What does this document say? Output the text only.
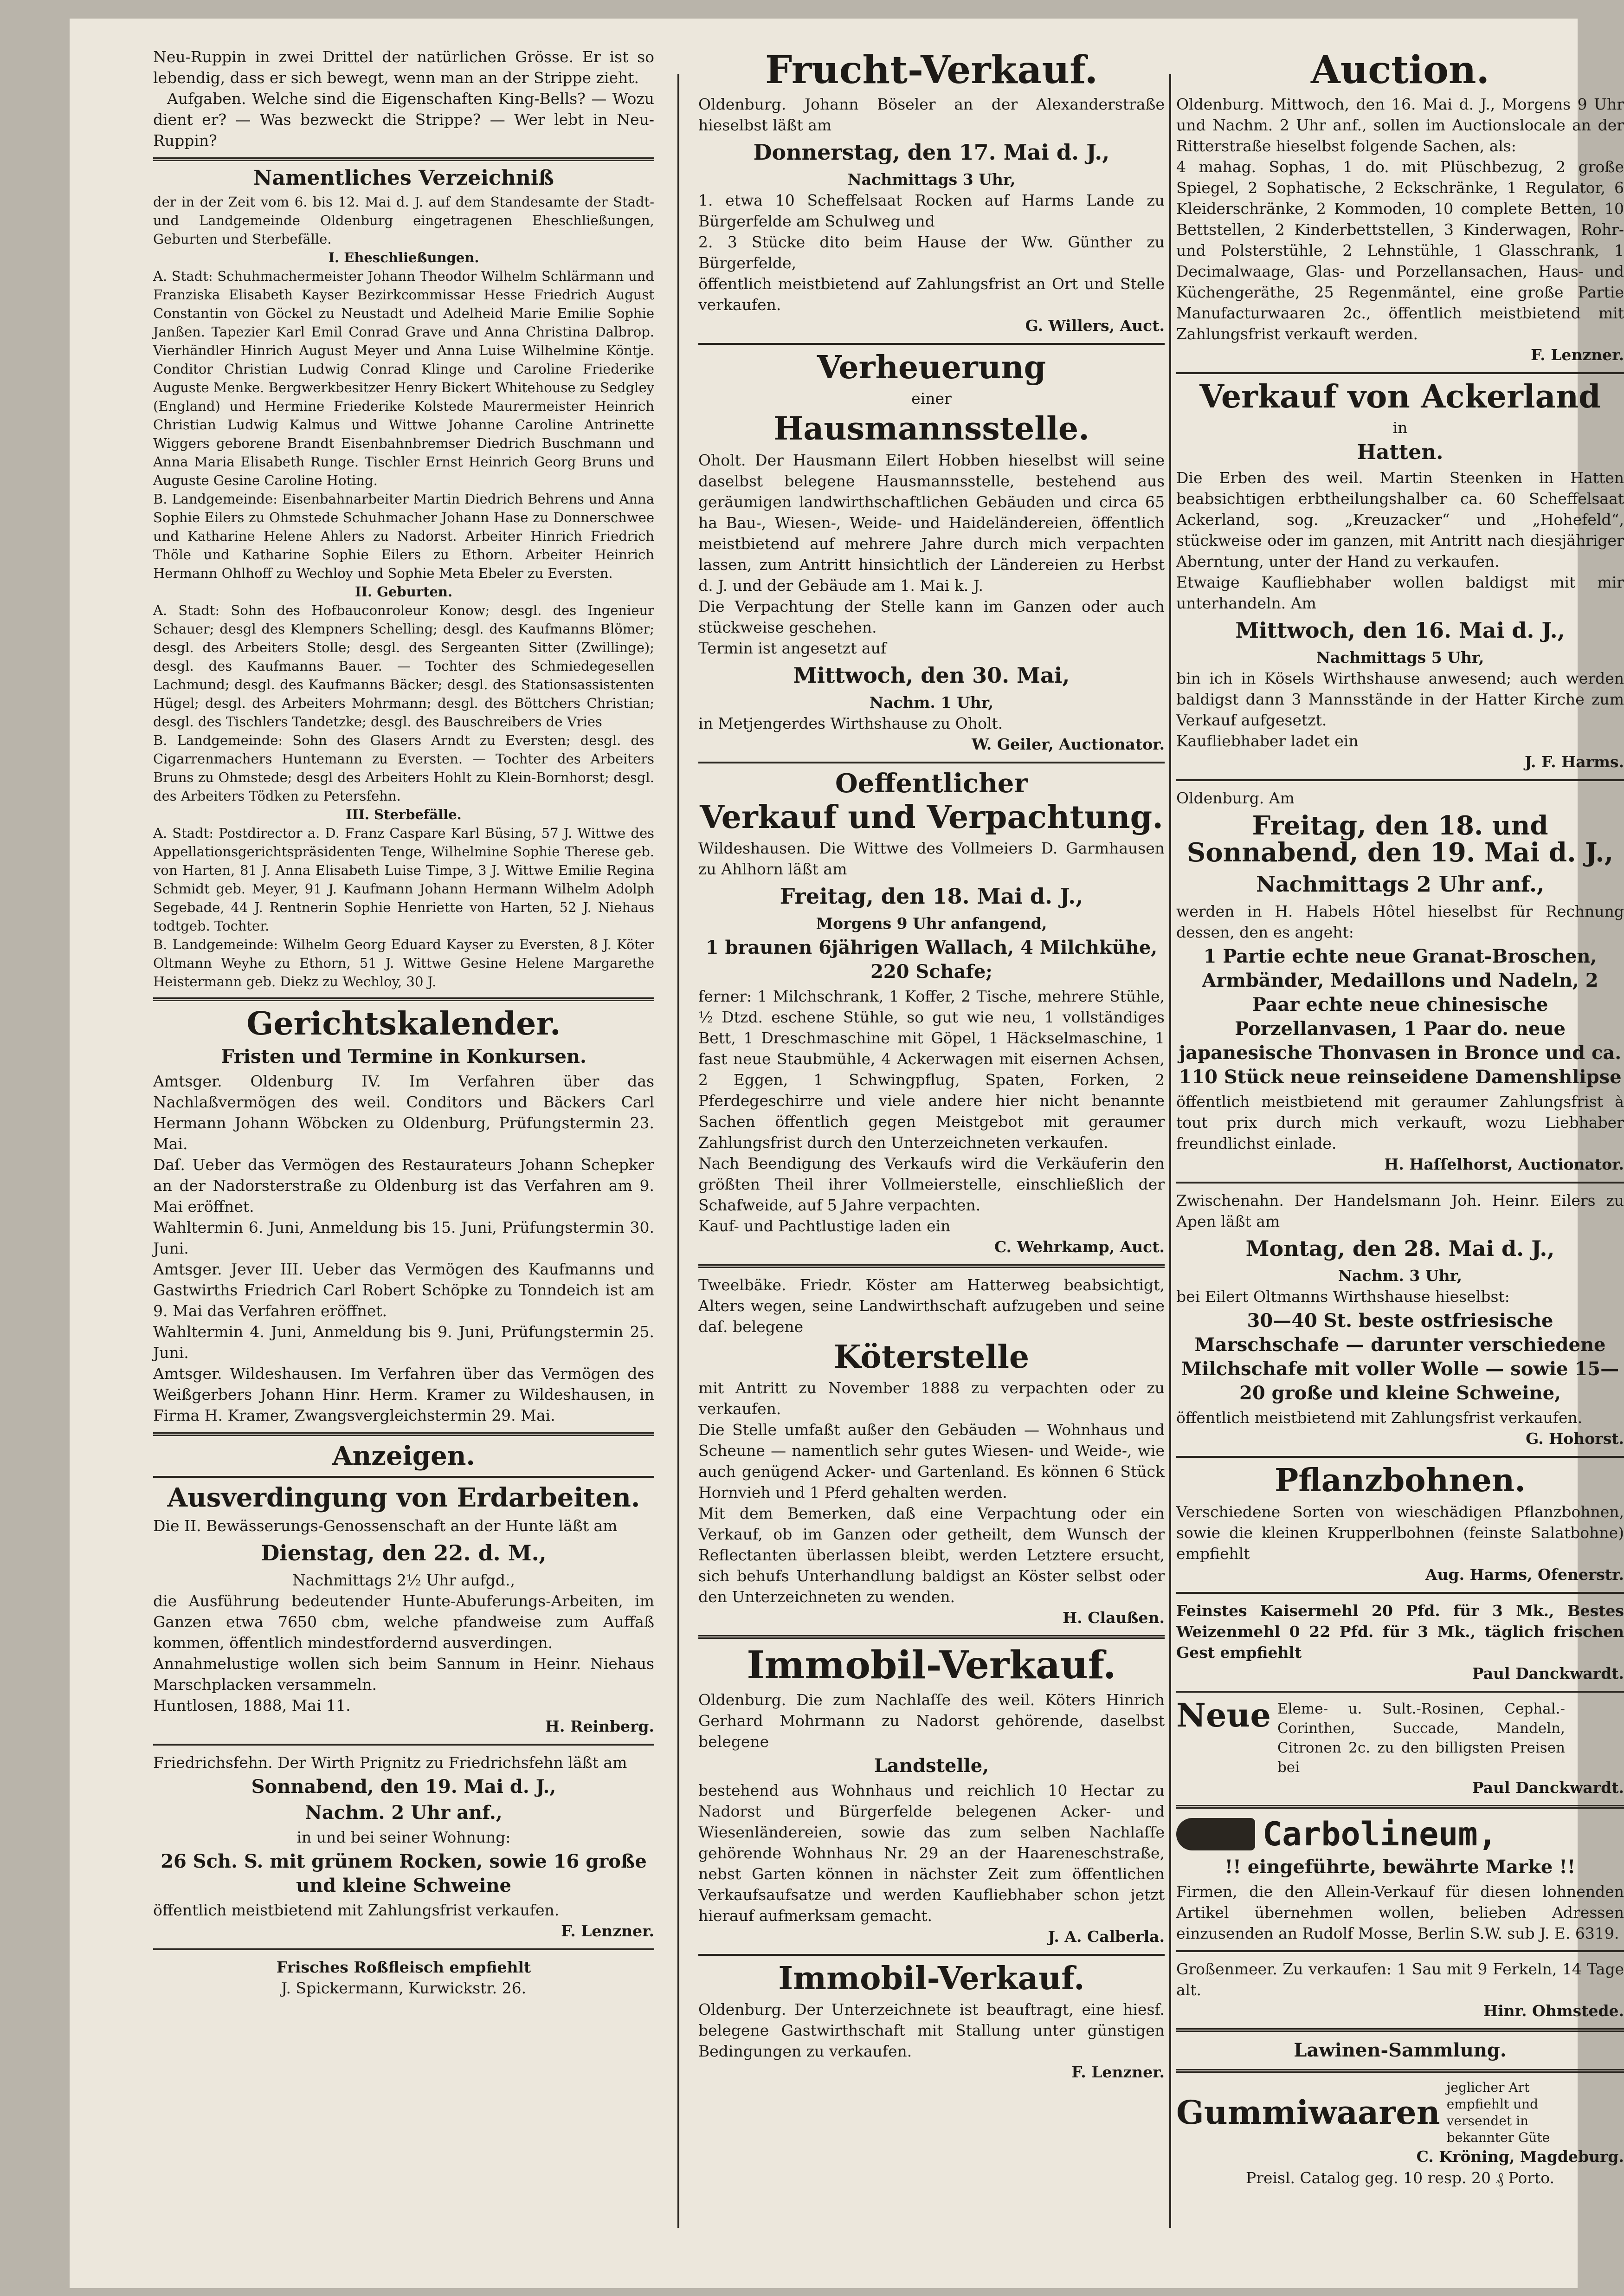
Neu-Ruppin in zwei Drittel der natürlichen Grösse. Er ist so lebendig, dass er sich bewegt, wenn man an der Strippe zieht.

Aufgaben. Welche sind die Eigenschaften King-Bells? — Wozu dient er? — Was bezweckt die Strippe? — Wer lebt in Neu-Ruppin?

Namentliches Verzeichniß

der in der Zeit vom 6. bis 12. Mai d. J. auf dem Standesamte der Stadt- und Landgemeinde Oldenburg eingetragenen Eheschließungen, Geburten und Sterbefälle.

I. Eheschließungen.

A. Stadt: Schuhmachermeister Johann Theodor Wilhelm Schlärmann und Franziska Elisabeth Kayser Bezirkcommissar Hesse Friedrich August Constantin von Göckel zu Neustadt und Adelheid Marie Emilie Sophie Janßen. Tapezier Karl Emil Conrad Grave und Anna Christina Dalbrop. Vierhändler Hinrich August Meyer und Anna Luise Wilhelmine Köntje. Conditor Christian Ludwig Conrad Klinge und Caroline Friederike Auguste Menke. Bergwerkbesitzer Henry Bickert Whitehouse zu Sedgley (England) und Hermine Friederike Kolstede Maurermeister Heinrich Christian Ludwig Kalmus und Wittwe Johanne Caroline Antrinette Wiggers geborene Brandt Eisenbahnbremser Diedrich Buschmann und Anna Maria Elisabeth Runge. Tischler Ernst Heinrich Georg Bruns und Auguste Gesine Caroline Hoting.

B. Landgemeinde: Eisenbahnarbeiter Martin Diedrich Behrens und Anna Sophie Eilers zu Ohmstede Schuhmacher Johann Hase zu Donnerschwee und Katharine Helene Ahlers zu Nadorst. Arbeiter Hinrich Friedrich Thöle und Katharine Sophie Eilers zu Ethorn. Arbeiter Heinrich Hermann Ohlhoff zu Wechloy und Sophie Meta Ebeler zu Eversten.

II. Geburten.

A. Stadt: Sohn des Hofbauconroleur Konow; desgl. des Ingenieur Schauer; desgl des Klempners Schelling; desgl. des Kaufmanns Blömer; desgl. des Arbeiters Stolle; desgl. des Sergeanten Sitter (Zwillinge); desgl. des Kaufmanns Bauer. — Tochter des Schmiedegesellen Lachmund; desgl. des Kaufmanns Bäcker; desgl. des Stationsassistenten Hügel; desgl. des Arbeiters Mohrmann; desgl. des Böttchers Christian; desgl. des Tischlers Tandetzke; desgl. des Bauschreibers de Vries

B. Landgemeinde: Sohn des Glasers Arndt zu Eversten; desgl. des Cigarrenmachers Huntemann zu Eversten. — Tochter des Arbeiters Bruns zu Ohmstede; desgl des Arbeiters Hohlt zu Klein-Bornhorst; desgl. des Arbeiters Tödken zu Petersfehn.

III. Sterbefälle.

A. Stadt: Postdirector a. D. Franz Caspare Karl Büsing, 57 J. Wittwe des Appellationsgerichtspräsidenten Tenge, Wilhelmine Sophie Therese geb. von Harten, 81 J. Anna Elisabeth Luise Timpe, 3 J. Wittwe Emilie Regina Schmidt geb. Meyer, 91 J. Kaufmann Johann Hermann Wilhelm Adolph Segebade, 44 J. Rentnerin Sophie Henriette von Harten, 52 J. Niehaus todtgeb. Tochter.

B. Landgemeinde: Wilhelm Georg Eduard Kayser zu Eversten, 8 J. Köter Oltmann Weyhe zu Ethorn, 51 J. Wittwe Gesine Helene Margarethe Heistermann geb. Diekz zu Wechloy, 30 J.

Gerichtskalender.
Fristen und Termine in Konkursen.

Amtsger. Oldenburg IV. Im Verfahren über das Nachlaßvermögen des weil. Conditors und Bäckers Carl Hermann Johann Wöbcken zu Oldenburg, Prüfungstermin 23. Mai.

Daſ. Ueber das Vermögen des Restaurateurs Johann Schepker an der Nadorsterstraße zu Oldenburg ist das Verfahren am 9. Mai eröffnet.

Wahltermin 6. Juni, Anmeldung bis 15. Juni, Prüfungstermin 30. Juni.

Amtsger. Jever III. Ueber das Vermögen des Kaufmanns und Gastwirths Friedrich Carl Robert Schöpke zu Tonndeich ist am 9. Mai das Verfahren eröffnet.

Wahltermin 4. Juni, Anmeldung bis 9. Juni, Prüfungstermin 25. Juni.

Amtsger. Wildeshausen. Im Verfahren über das Vermögen des Weißgerbers Johann Hinr. Herm. Kramer zu Wildeshausen, in Firma H. Kramer, Zwangsvergleichstermin 29. Mai.

Anzeigen.
Ausverdingung von Erdarbeiten.

Die II. Bewässerungs-Genossenschaft an der Hunte läßt am

Dienstag, den 22. d. M.,
Nachmittags 2½ Uhr aufgd.,

die Ausführung bedeutender Hunte-Abuferungs-Arbeiten, im Ganzen etwa 7650 cbm, welche pfandweise zum Auffaß kommen, öffentlich mindestfordernd ausverdingen.

Annahmelustige wollen sich beim Sannum in Heinr. Niehaus Marschplacken versammeln.

Huntlosen, 1888, Mai 11.
H. Reinberg.

Friedrichsfehn. Der Wirth Prignitz zu Friedrichsfehn läßt am

Sonnabend, den 19. Mai d. J.,
Nachm. 2 Uhr anf.,
in und bei seiner Wohnung:
26 Sch. S. mit grünem Rocken, sowie 16 große und kleine Schweine
öffentlich meistbietend mit Zahlungsfrist verkaufen.
F. Lenzner.
Frisches Roßfleisch empfiehlt
J. Spickermann, Kurwickstr. 26.
Frucht-Verkauf.

Oldenburg. Johann Böseler an der Alexanderstraße hieselbst läßt am

Donnerstag, den 17. Mai d. J.,
Nachmittags 3 Uhr,

1. etwa 10 Scheffelsaat Rocken auf Harms Lande zu Bürgerfelde am Schulweg und

2. 3 Stücke dito beim Hause der Ww. Günther zu Bürgerfelde,

öffentlich meistbietend auf Zahlungsfrist an Ort und Stelle verkaufen.

G. Willers, Auct.
Verheuerung
einer
Hausmannsstelle.

Oholt. Der Hausmann Eilert Hobben hieselbst will seine daselbst belegene Hausmannsstelle, bestehend aus geräumigen landwirthschaftlichen Gebäuden und circa 65 ha Bau-, Wiesen-, Weide- und Haideländereien, öffentlich meistbietend auf mehrere Jahre durch mich verpachten lassen, zum Antritt hinsichtlich der Ländereien zu Herbst d. J. und der Gebäude am 1. Mai k. J.

Die Verpachtung der Stelle kann im Ganzen oder auch stückweise geschehen.

Termin ist angesetzt auf

Mittwoch, den 30. Mai,
Nachm. 1 Uhr,
in Metjengerdes Wirthshause zu Oholt.
W. Geiler, Auctionator.
Oeffentlicher
Verkauf und Verpachtung.

Wildeshausen. Die Wittwe des Vollmeiers D. Garmhausen zu Ahlhorn läßt am

Freitag, den 18. Mai d. J.,
Morgens 9 Uhr anfangend,
1 braunen 6jährigen Wallach, 4 Milchkühe, 220 Schafe;

ferner: 1 Milchschrank, 1 Koffer, 2 Tische, mehrere Stühle, ½ Dtzd. eschene Stühle, so gut wie neu, 1 vollständiges Bett, 1 Dreschmaschine mit Göpel, 1 Häckselmaschine, 1 fast neue Staubmühle, 4 Ackerwagen mit eisernen Achsen, 2 Eggen, 1 Schwingpflug, Spaten, Forken, 2 Pferdegeschirre und viele andere hier nicht benannte Sachen öffentlich gegen Meistgebot mit geraumer Zahlungsfrist durch den Unterzeichneten verkaufen.

Nach Beendigung des Verkaufs wird die Verkäuferin den größten Theil ihrer Vollmeierstelle, einschließlich der Schafweide, auf 5 Jahre verpachten.

Kauf- und Pachtlustige laden ein

C. Wehrkamp, Auct.

Tweelbäke. Friedr. Köster am Hatterweg beabsichtigt, Alters wegen, seine Landwirthschaft aufzugeben und seine daſ. belegene

Köterstelle

mit Antritt zu November 1888 zu verpachten oder zu verkaufen.

Die Stelle umfaßt außer den Gebäuden — Wohnhaus und Scheune — namentlich sehr gutes Wiesen- und Weide-, wie auch genügend Acker- und Gartenland. Es können 6 Stück Hornvieh und 1 Pferd gehalten werden.

Mit dem Bemerken, daß eine Verpachtung oder ein Verkauf, ob im Ganzen oder getheilt, dem Wunsch der Reflectanten überlassen bleibt, werden Letztere ersucht, sich behufs Unterhandlung baldigst an Köster selbst oder den Unterzeichneten zu wenden.

H. Claußen.
Immobil-Verkauf.

Oldenburg. Die zum Nachlaſſe des weil. Köters Hinrich Gerhard Mohrmann zu Nadorst gehörende, daselbst belegene

Landstelle,

bestehend aus Wohnhaus und reichlich 10 Hectar zu Nadorst und Bürgerfelde belegenen Acker- und Wiesenländereien, sowie das zum selben Nachlaſſe gehörende Wohnhaus Nr. 29 an der Haareneschstraße, nebst Garten können in nächster Zeit zum öffentlichen Verkaufsaufsatze und werden Kaufliebhaber schon jetzt hierauf aufmerksam gemacht.

J. A. Calberla.
Immobil-Verkauf.

Oldenburg. Der Unterzeichnete ist beauftragt, eine hiesf. belegene Gastwirthschaft mit Stallung unter günstigen Bedingungen zu verkaufen.

F. Lenzner.
Auction.

Oldenburg. Mittwoch, den 16. Mai d. J., Morgens 9 Uhr und Nachm. 2 Uhr anf., sollen im Auctionslocale an der Ritterstraße hieselbst folgende Sachen, als:

4 mahag. Sophas, 1 do. mit Plüschbezug, 2 große Spiegel, 2 Sophatische, 2 Eckschränke, 1 Regulator, 6 Kleiderschränke, 2 Kommoden, 10 complete Betten, 10 Bettstellen, 2 Kinderbettstellen, 3 Kinderwagen, Rohr- und Polsterstühle, 2 Lehnstühle, 1 Glasschrank, 1 Decimalwaage, Glas- und Porzellansachen, Haus- und Küchengeräthe, 25 Regenmäntel, eine große Partie Manufacturwaaren 2c., öffentlich meistbietend mit Zahlungsfrist verkauft werden.

F. Lenzner.
Verkauf von Ackerland
in
Hatten.

Die Erben des weil. Martin Steenken in Hatten beabsichtigen erbtheilungshalber ca. 60 Scheffelsaat Ackerland, sog. „Kreuzacker“ und „Hohefeld“, stückweise oder im ganzen, mit Antritt nach diesjähriger Aberntung, unter der Hand zu verkaufen.

Etwaige Kaufliebhaber wollen baldigst mit mir unterhandeln. Am

Mittwoch, den 16. Mai d. J.,
Nachmittags 5 Uhr,

bin ich in Kösels Wirthshause anwesend; auch werden baldigst dann 3 Mannsstände in der Hatter Kirche zum Verkauf aufgesetzt.

Kaufliebhaber ladet ein
J. F. Harms.
Oldenburg. Am
Freitag, den 18. und Sonnabend, den 19. Mai d. J.,
Nachmittags 2 Uhr anf.,

werden in H. Habels Hôtel hieselbst für Rechnung dessen, den es angeht:

1 Partie echte neue Granat-Broschen, Armbänder, Medaillons und Nadeln, 2 Paar echte neue chinesische Porzellanvasen, 1 Paar do. neue japanesische Thonvasen in Bronce und ca. 110 Stück neue reinseidene Damenshlipse

öffentlich meistbietend mit geraumer Zahlungsfrist à tout prix durch mich verkauft, wozu Liebhaber freundlichst einlade.

H. Haſſelhorst, Auctionator.

Zwischenahn. Der Handelsmann Joh. Heinr. Eilers zu Apen läßt am

Montag, den 28. Mai d. J.,
Nachm. 3 Uhr,
bei Eilert Oltmanns Wirthshause hieselbst:
30—40 St. beste ostfriesische Marschschafe — darunter verschiedene Milchschafe mit voller Wolle — sowie 15—20 große und kleine Schweine,
öffentlich meistbietend mit Zahlungsfrist verkaufen.
G. Hohorst.
Pflanzbohnen.

Verschiedene Sorten von wieschädigen Pflanzbohnen, sowie die kleinen Krupperlbohnen (feinste Salatbohne) empfiehlt

Aug. Harms, Ofenerstr.

Feinstes Kaisermehl 20 Pfd. für 3 Mk., Bestes Weizenmehl 0 22 Pfd. für 3 Mk., täglich frischen Gest empfiehlt

Paul Danckwardt.
Neue Eleme- u. Sult.-Rosinen, Cephal.-Corinthen, Succade, Mandeln, Citronen 2c. zu den billigsten Preisen bei
Paul Danckwardt.
Carbolineum,
!! eingeführte, bewährte Marke !!

Firmen, die den Allein-Verkauf für diesen lohnenden Artikel übernehmen wollen, belieben Adressen einzusenden an Rudolf Mosse, Berlin S.W. sub J. E. 6319.

Großenmeer. Zu verkaufen: 1 Sau mit 9 Ferkeln, 14 Tage alt.

Hinr. Ohmstede.
Lawinen-Sammlung.
Gummiwaarenjeglicher Art empfiehlt und versendet in bekannter Güte
C. Kröning, Magdeburg.
Preisl. Catalog geg. 10 resp. 20 ₰ Porto.
